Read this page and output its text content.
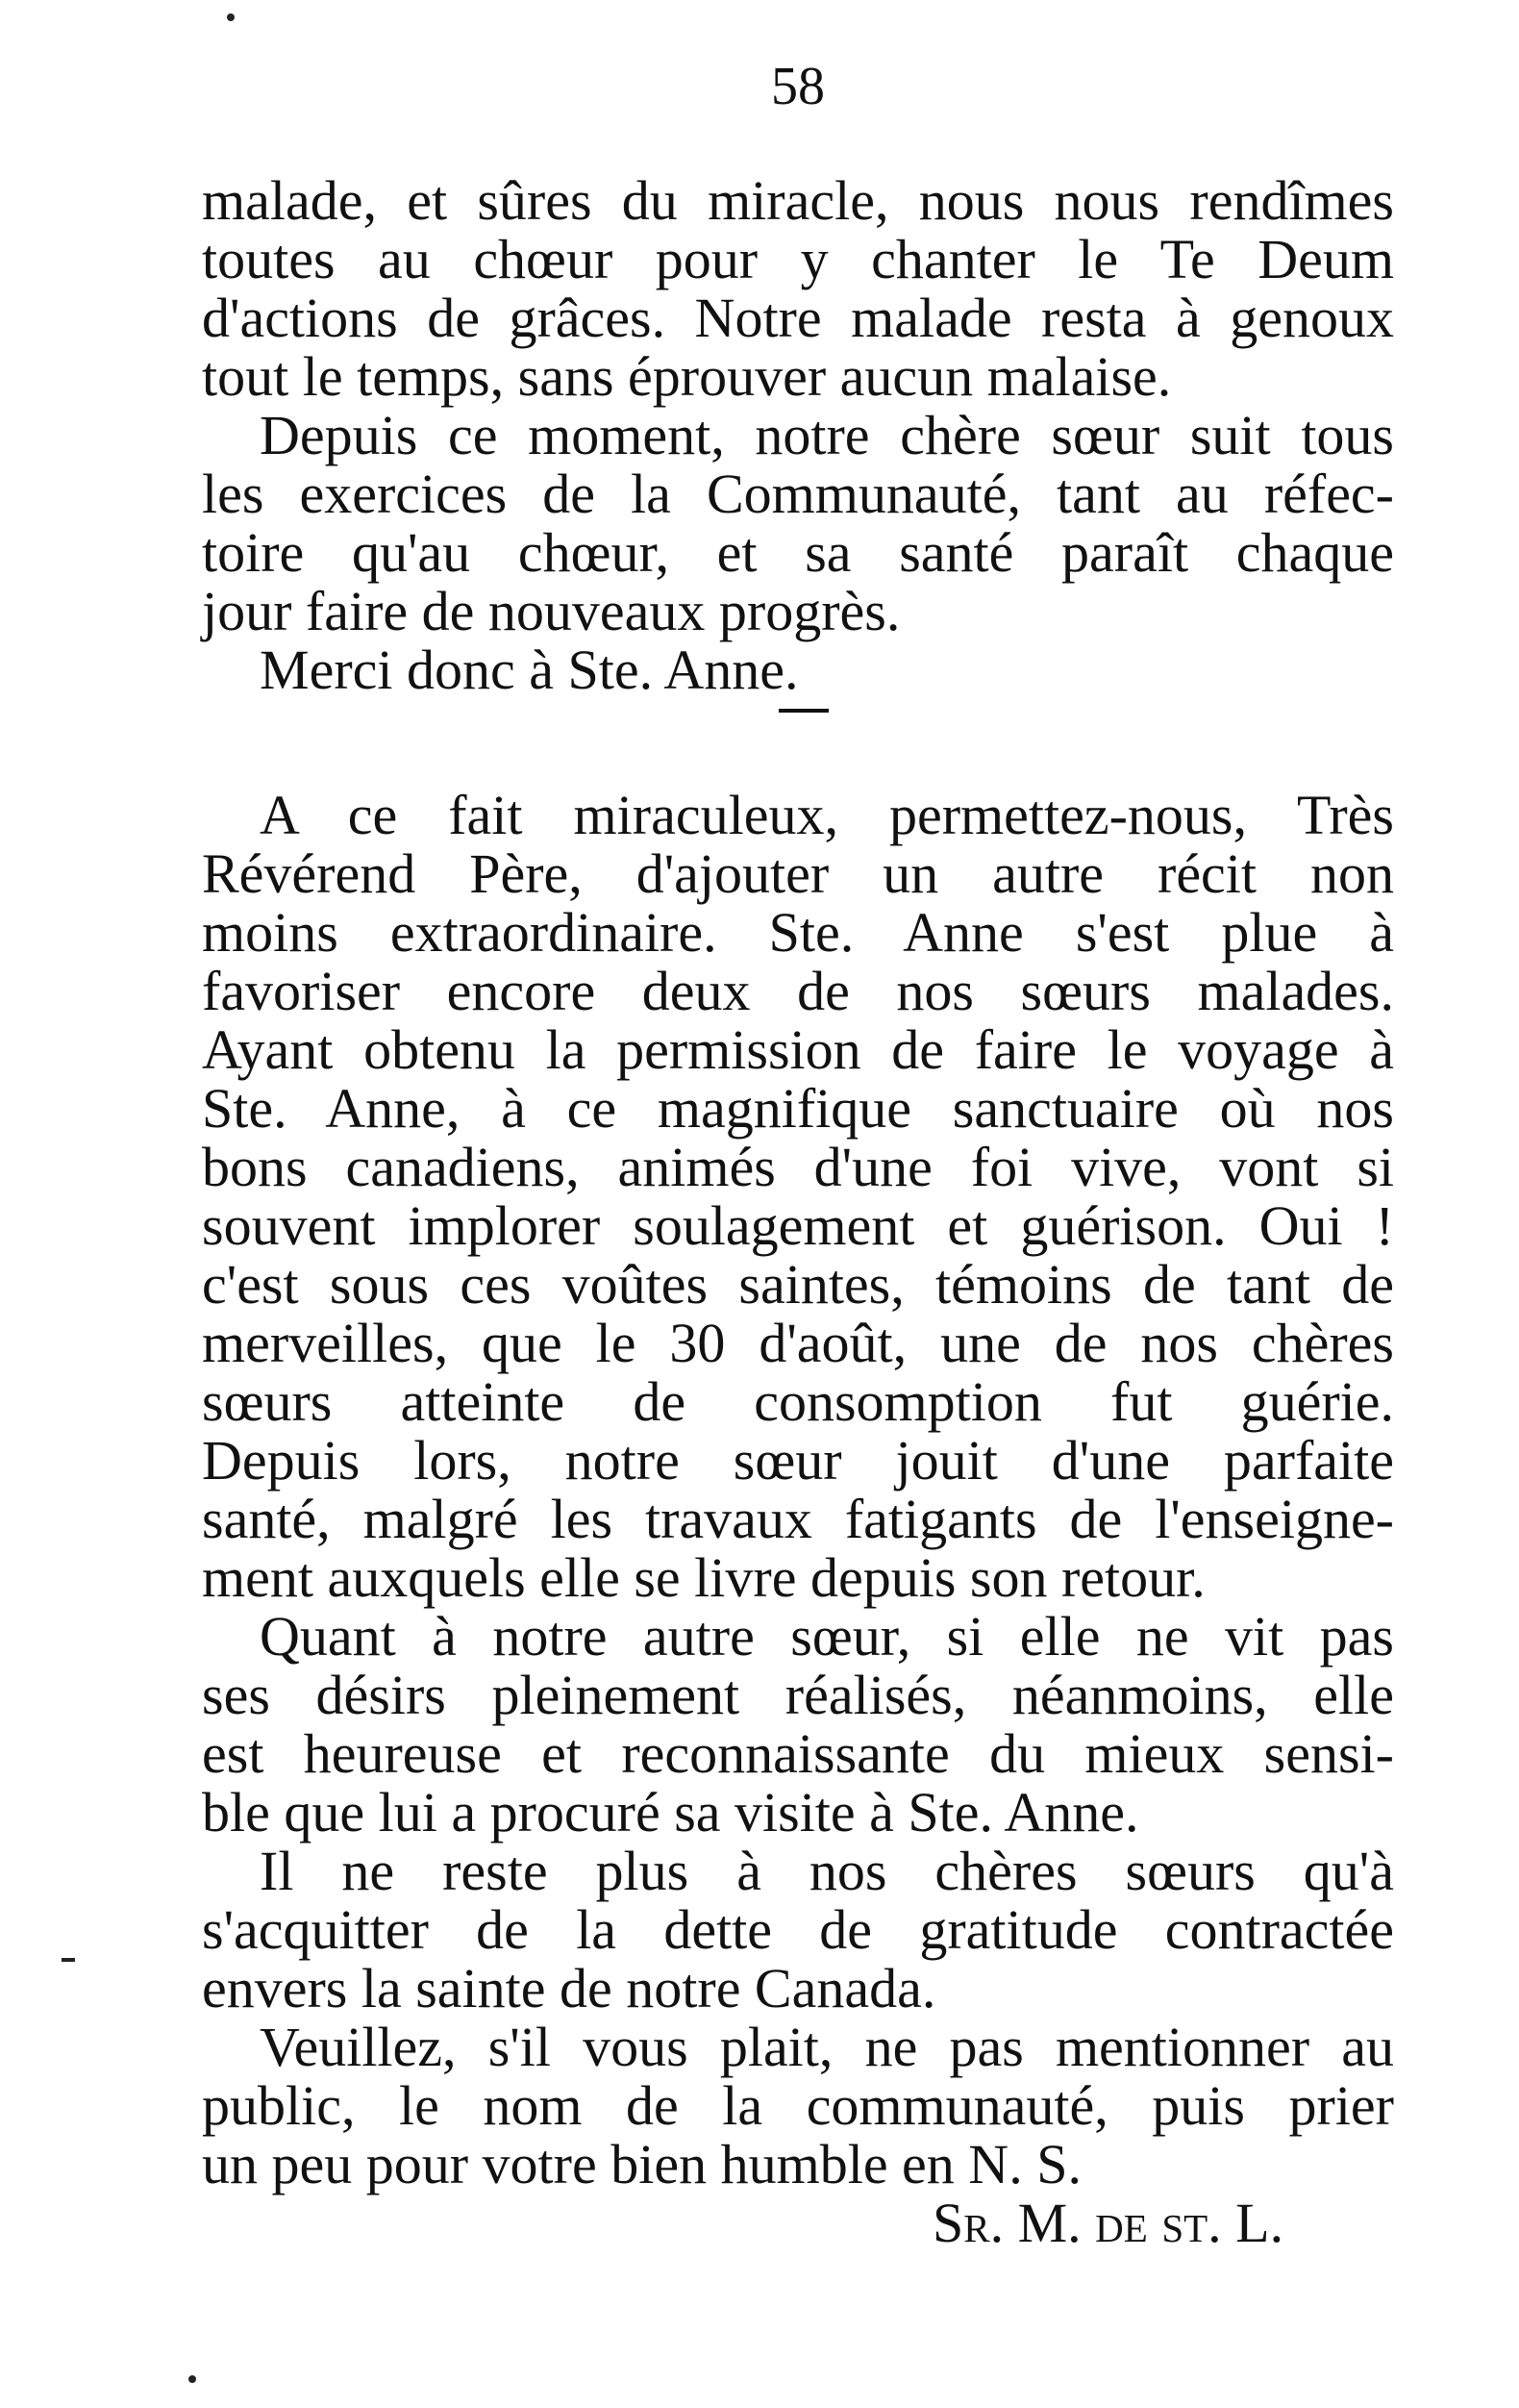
58
malade, et sûres du miracle, nous nous rendîmes
toutes au chœur pour y chanter le Te Deum
d'actions de grâces. Notre malade resta à genoux
tout le temps, sans éprouver aucun malaise.
Depuis ce moment, notre chère sœur suit tous
les exercices de la Communauté, tant au réfec-
toire qu'au chœur, et sa santé paraît chaque
jour faire de nouveaux progrès.
Merci donc à Ste. Anne.
A ce fait miraculeux, permettez-nous, Très
Révérend Père, d'ajouter un autre récit non
moins extraordinaire. Ste. Anne s'est plue à
favoriser encore deux de nos sœurs malades.
Ayant obtenu la permission de faire le voyage à
Ste. Anne, à ce magnifique sanctuaire où nos
bons canadiens, animés d'une foi vive, vont si
souvent implorer soulagement et guérison. Oui !
c'est sous ces voûtes saintes, témoins de tant de
merveilles, que le 30 d'août, une de nos chères
sœurs atteinte de consomption fut guérie.
Depuis lors, notre sœur jouit d'une parfaite
santé, malgré les travaux fatigants de l'enseigne-
ment auxquels elle se livre depuis son retour.
Quant à notre autre sœur, si elle ne vit pas
ses désirs pleinement réalisés, néanmoins, elle
est heureuse et reconnaissante du mieux sensi-
ble que lui a procuré sa visite à Ste. Anne.
Il ne reste plus à nos chères sœurs qu'à
s'acquitter de la dette de gratitude contractée
envers la sainte de notre Canada.
Veuillez, s'il vous plait, ne pas mentionner au
public, le nom de la communauté, puis prier
un peu pour votre bien humble en N. S.
Sr. M. de st. L.
